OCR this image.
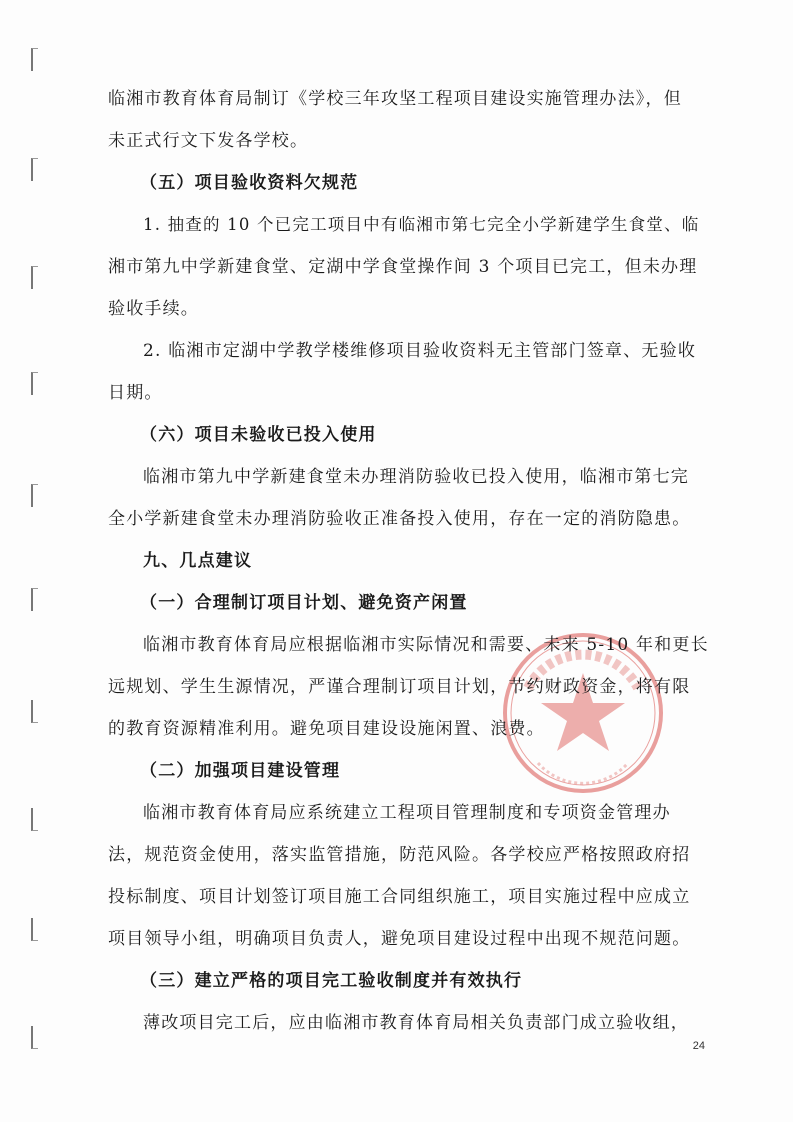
临湘市教育体育局制订《学校三年攻坚工程项目建设实施管理办法》，但
未正式行文下发各学校。
（五）项目验收资料欠规范
1. 抽查的 10 个已完工项目中有临湘市第七完全小学新建学生食堂、临
湘市第九中学新建食堂、定湖中学食堂操作间 3 个项目已完工，但未办理
验收手续。
2. 临湘市定湖中学教学楼维修项目验收资料无主管部门签章、无验收
日期。
（六）项目未验收已投入使用
临湘市第九中学新建食堂未办理消防验收已投入使用，临湘市第七完
全小学新建食堂未办理消防验收正准备投入使用，存在一定的消防隐患。
九、几点建议
（一）合理制订项目计划、避免资产闲置
临湘市教育体育局应根据临湘市实际情况和需要、未来 5-10 年和更长
远规划、学生生源情况，严谨合理制订项目计划，节约财政资金，将有限
的教育资源精准利用。避免项目建设设施闲置、浪费。
（二）加强项目建设管理
临湘市教育体育局应系统建立工程项目管理制度和专项资金管理办
法，规范资金使用，落实监管措施，防范风险。各学校应严格按照政府招
投标制度、项目计划签订项目施工合同组织施工，项目实施过程中应成立
项目领导小组，明确项目负责人，避免项目建设过程中出现不规范问题。
（三）建立严格的项目完工验收制度并有效执行
薄改项目完工后，应由临湘市教育体育局相关负责部门成立验收组，
24
